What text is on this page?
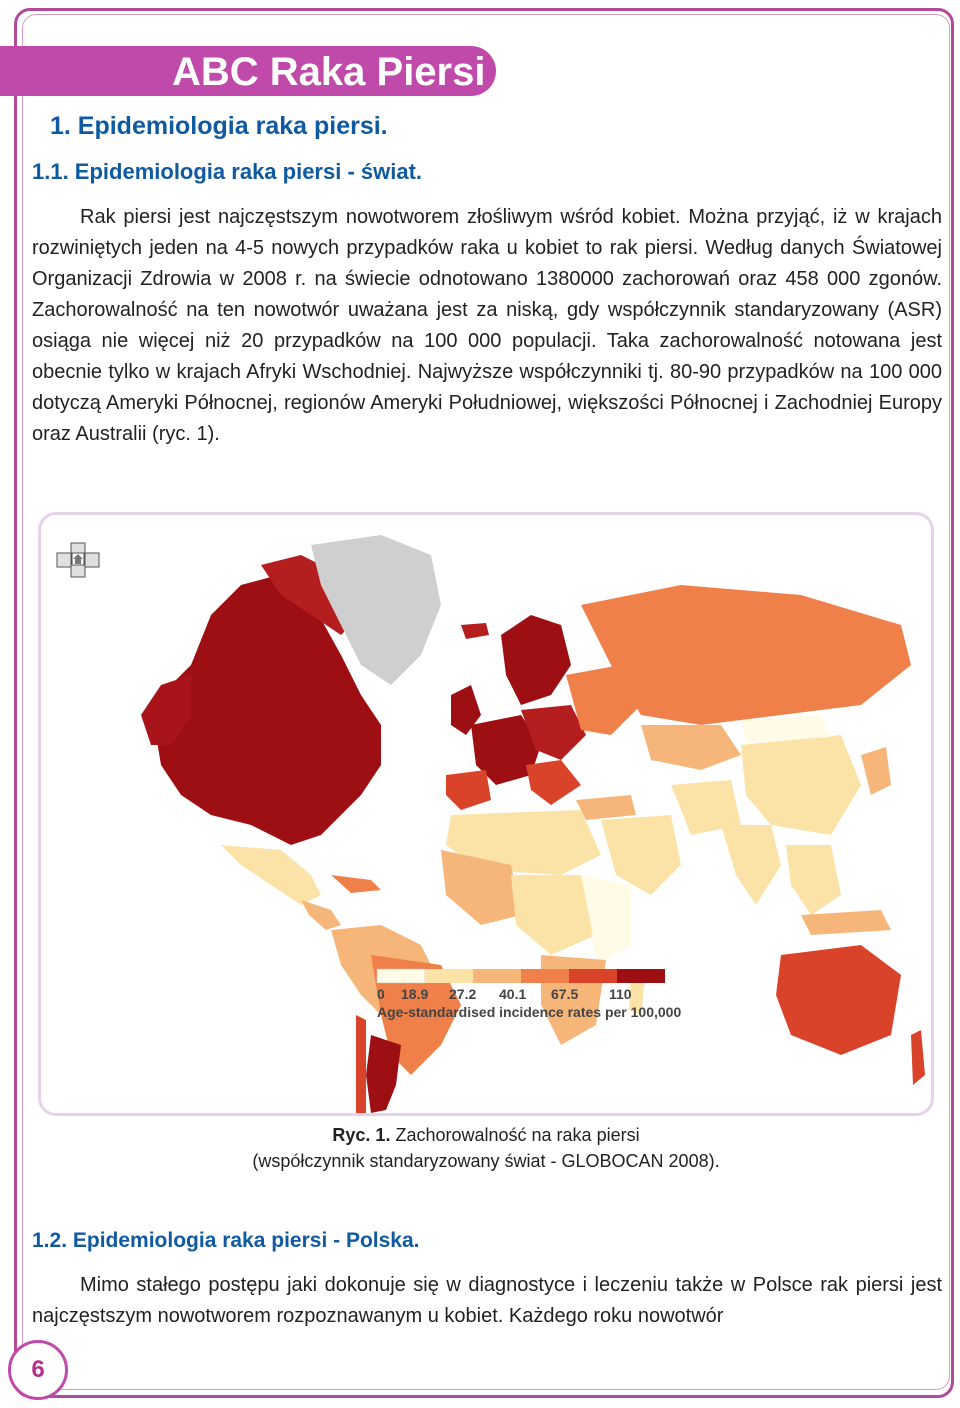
ABC Raka Piersi
1. Epidemiologia raka piersi.
1.1. Epidemiologia raka piersi - świat.
Rak piersi jest najczęstszym nowotworem złośliwym wśród kobiet. Można przyjąć, iż w krajach rozwiniętych jeden na 4-5 nowych przypadków raka u kobiet to rak piersi. Według danych Światowej Organizacji Zdrowia w 2008 r. na świecie odnotowano 1380000 zachorowań oraz 458 000 zgonów. Zachorowalność na ten nowotwór uważana jest za niską, gdy współczynnik standaryzowany (ASR) osiąga nie więcej niż 20 przypadków na 100 000 populacji. Taka zachorowalność notowana jest obecnie tylko w krajach Afryki Wschodniej. Najwyższe współczynniki tj. 80-90 przypadków na 100 000 dotyczą Ameryki Północnej, regionów Ameryki Południowej, większości Północnej i Zachodniej Europy oraz Australii (ryc. 1).
0 18.9 27.2 40.1 67.5 110
Age-standardised incidence rates per 100,000
Ryc. 1. Zachorowalność na raka piersi
(współczynnik standaryzowany świat - GLOBOCAN 2008).
1.2. Epidemiologia raka piersi - Polska.
Mimo stałego postępu jaki dokonuje się w diagnostyce i leczeniu także w Polsce rak piersi jest najczęstszym nowotworem rozpoznawanym u kobiet. Każdego roku nowotwór
6
